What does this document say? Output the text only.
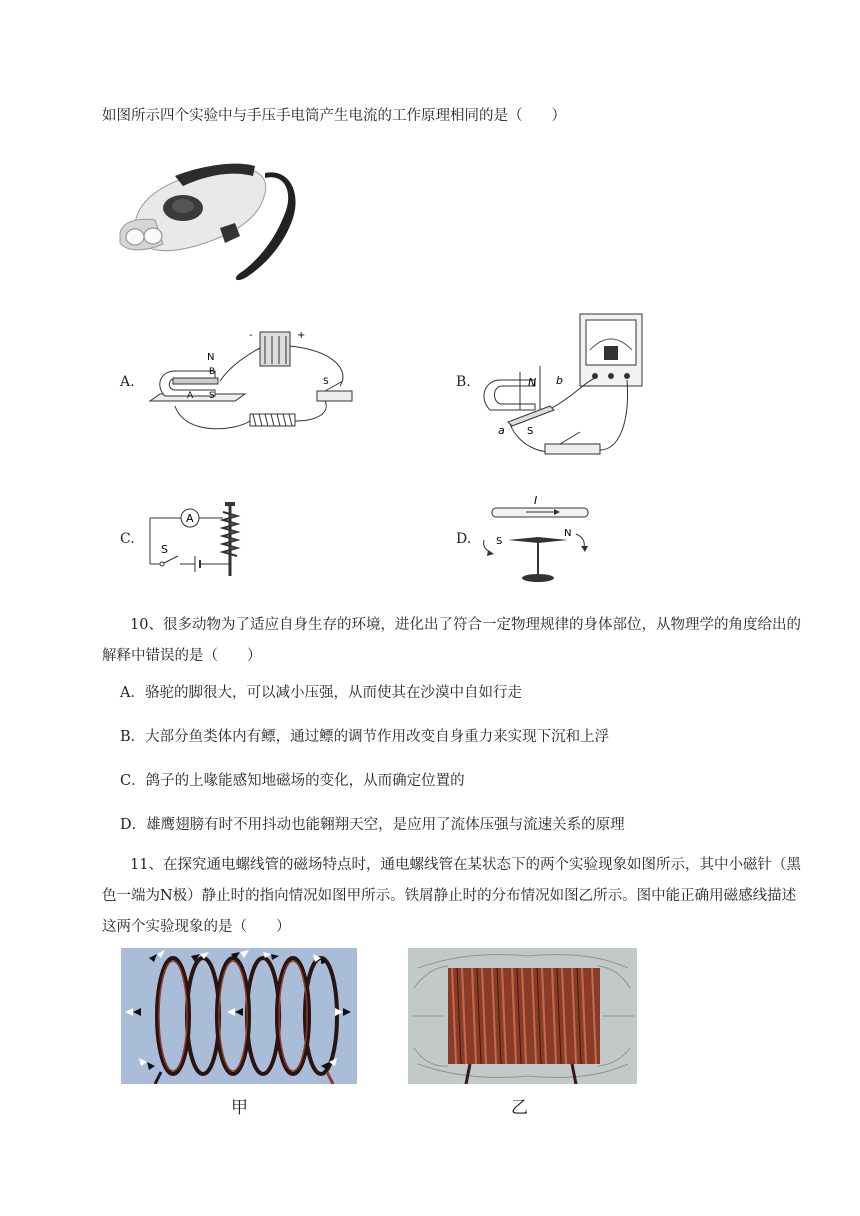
如图所示四个实验中与手压手电筒产生电流的工作原理相同的是（　　）
A.
-	+
N
B
A S
S	B.	N b
a S
C.
A
S
D.
I
S
N
10、很多动物为了适应自身生存的环境，进化出了符合一定物理规律的身体部位，从物理学的角度给出的解释中错误的是（　　）
A．骆驼的脚很大，可以减小压强，从而使其在沙漠中自如行走
B．大部分鱼类体内有鳔，通过鳔的调节作用改变自身重力来实现下沉和上浮
C．鸽子的上喙能感知地磁场的变化，从而确定位置的
D．雄鹰翅膀有时不用抖动也能翱翔天空，是应用了流体压强与流速关系的原理
11、在探究通电螺线管的磁场特点时，通电螺线管在某状态下的两个实验现象如图所示，其中小磁针（黑色一端为N极）静止时的指向情况如图甲所示。铁屑静止时的分布情况如图乙所示。图中能正确用磁感线描述这两个实验现象的是（　　）
甲	乙
